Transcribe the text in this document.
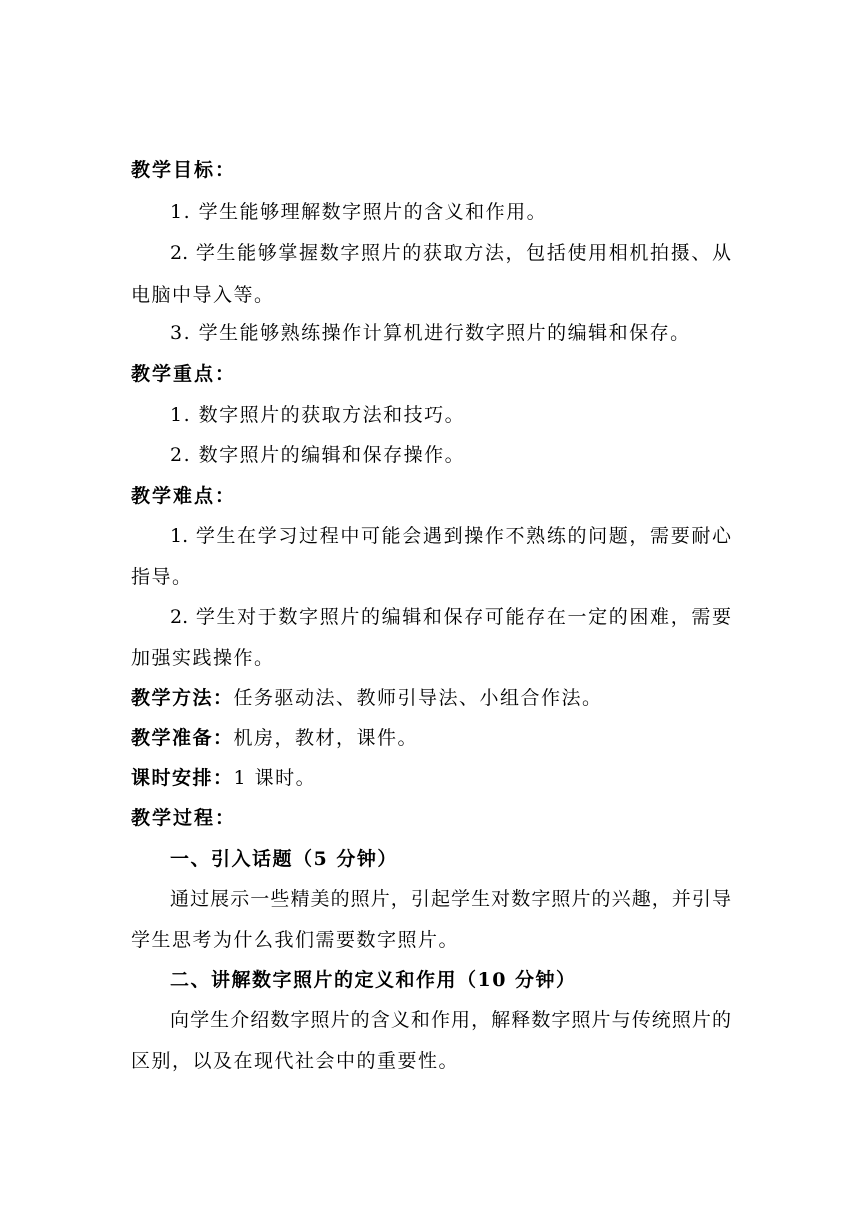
教学目标：
1. 学生能够理解数字照片的含义和作用。
2. 学生能够掌握数字照片的获取方法，包括使用相机拍摄、从
电脑中导入等。
3. 学生能够熟练操作计算机进行数字照片的编辑和保存。
教学重点：
1. 数字照片的获取方法和技巧。
2. 数字照片的编辑和保存操作。
教学难点：
1. 学生在学习过程中可能会遇到操作不熟练的问题，需要耐心
指导。
2. 学生对于数字照片的编辑和保存可能存在一定的困难，需要
加强实践操作。
教学方法：任务驱动法、教师引导法、小组合作法。
教学准备：机房，教材，课件。
课时安排：1 课时。
教学过程：
一、引入话题（5 分钟）
通过展示一些精美的照片，引起学生对数字照片的兴趣，并引导
学生思考为什么我们需要数字照片。
二、讲解数字照片的定义和作用（10 分钟）
向学生介绍数字照片的含义和作用，解释数字照片与传统照片的
区别，以及在现代社会中的重要性。
